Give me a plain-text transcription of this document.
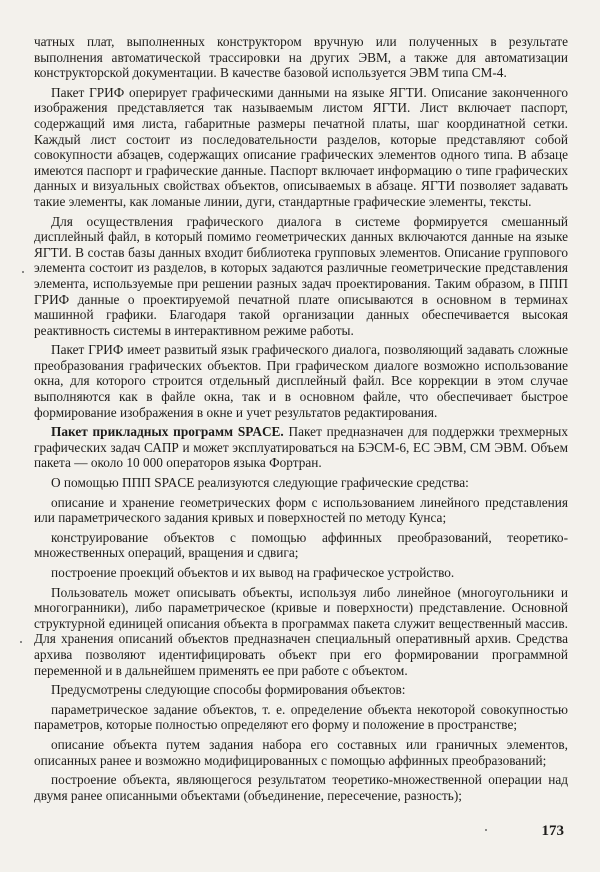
чатных плат, выполненных конструктором вручную или полученных в результате выполнения автоматической трассировки на других ЭВМ, а также для автоматизации конструкторской документации. В качестве базовой используется ЭВМ типа СМ-4.

Пакет ГРИФ оперирует графическими данными на языке ЯГТИ. Описание законченного изображения представляется так называемым листом ЯГТИ. Лист включает паспорт, содержащий имя листа, габаритные размеры печатной платы, шаг координатной сетки. Каждый лист состоит из последовательности разделов, которые представляют собой совокупности абзацев, содержащих описание графических элементов одного типа. В абзаце имеются паспорт и графические данные. Паспорт включает информацию о типе графических данных и визуальных свойствах объектов, описываемых в абзаце. ЯГТИ позволяет задавать такие элементы, как ломаные линии, дуги, стандартные графические элементы, тексты.

Для осуществления графического диалога в системе формируется смешанный дисплейный файл, в который помимо геометрических данных включаются данные на языке ЯГТИ. В состав базы данных входит библиотека групповых элементов. Описание группового элемента состоит из разделов, в которых задаются различные геометрические представления элемента, используемые при решении разных задач проектирования. Таким образом, в ППП ГРИФ данные о проектируемой печатной плате описываются в основном в терминах машинной графики. Благодаря такой организации данных обеспечивается высокая реактивность системы в интерактивном режиме работы.

Пакет ГРИФ имеет развитый язык графического диалога, позволяющий задавать сложные преобразования графических объектов. При графическом диалоге возможно использование окна, для которого строится отдельный дисплейный файл. Все коррекции в этом случае выполняются как в файле окна, так и в основном файле, что обеспечивает быстрое формирование изображения в окне и учет результатов редактирования.

Пакет прикладных программ SPACE. Пакет предназначен для поддержки трехмерных графических задач САПР и может эксплуатироваться на БЭСМ-6, ЕС ЭВМ, СМ ЭВМ. Объем пакета — около 10 000 операторов языка Фортран.

О помощью ППП SPACE реализуются следующие графические средства:

описание и хранение геометрических форм с использованием линейного представления или параметрического задания кривых и поверхностей по методу Кунса;

конструирование объектов с помощью аффинных преобразований, теоретико-множественных операций, вращения и сдвига;

построение проекций объектов и их вывод на графическое устройство.

Пользователь может описывать объекты, используя либо линейное (многоугольники и многогранники), либо параметрическое (кривые и поверхности) представление. Основной структурной единицей описания объекта в программах пакета служит вещественный массив. Для хранения описаний объектов предназначен специальный оперативный архив. Средства архива позволяют идентифицировать объект при его формировании программной переменной и в дальнейшем применять ее при работе с объектом.

Предусмотрены следующие способы формирования объектов:

параметрическое задание объектов, т. е. определение объекта некоторой совокупностью параметров, которые полностью определяют его форму и положение в пространстве;

описание объекта путем задания набора его составных или граничных элементов, описанных ранее и возможно модифицированных с помощью аффинных преобразований;

построение объекта, являющегося результатом теоретико-множественной операции над двумя ранее описанными объектами (объединение, пересечение, разность);

173
